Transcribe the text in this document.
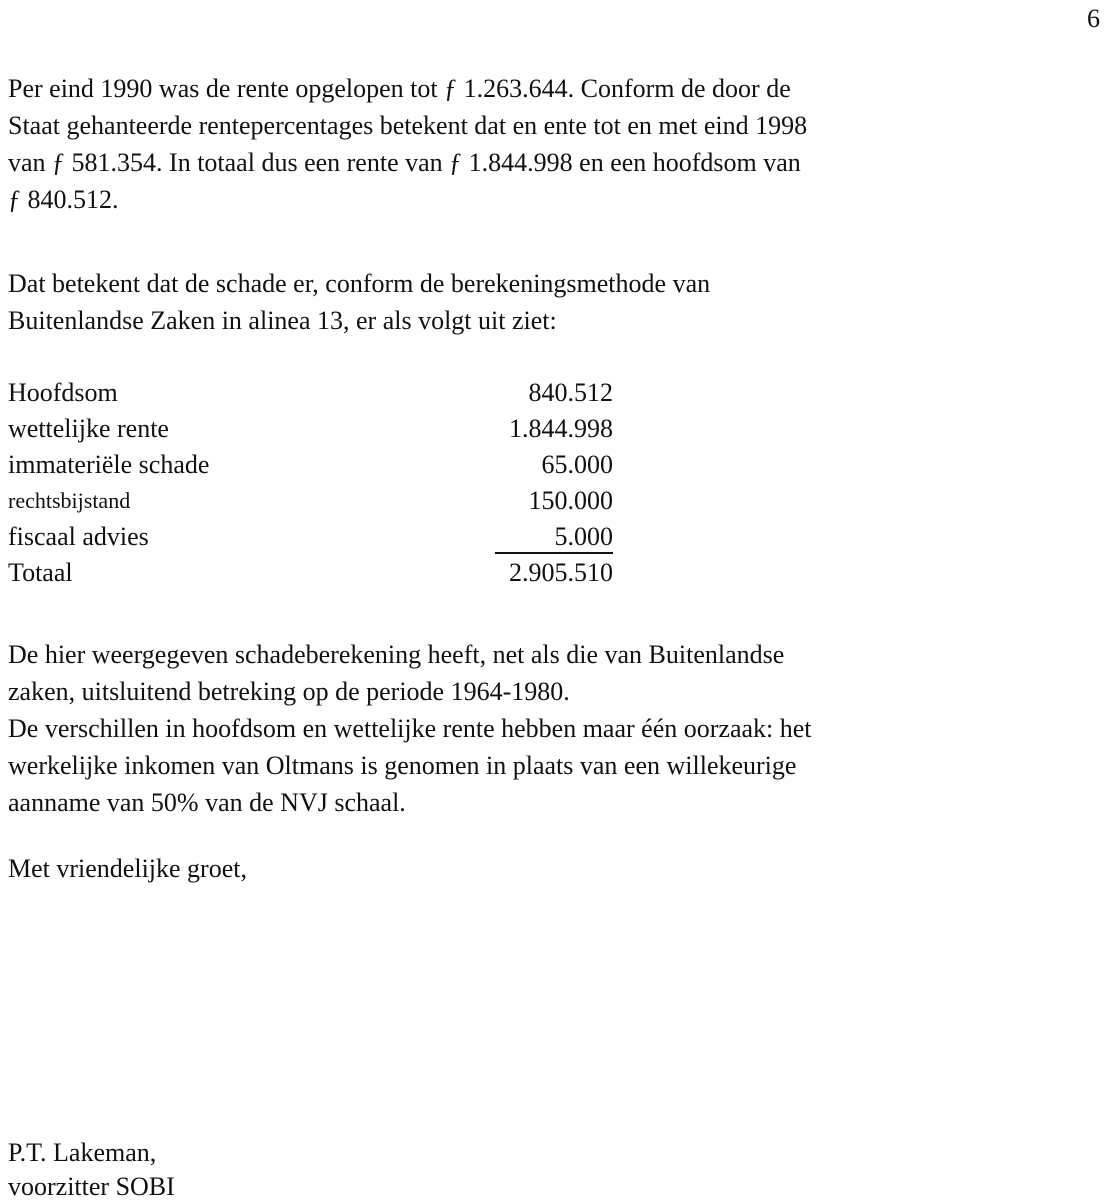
6

Per eind 1990 was de rente opgelopen tot ƒ 1.263.644. Conform de door de

Staat gehanteerde rentepercentages betekent dat en ente tot en met eind 1998

van ƒ 581.354. In totaal dus een rente van ƒ 1.844.998 en een hoofdsom van

ƒ 840.512.

Dat betekent dat de schade er, conform de berekeningsmethode van

Buitenlandse Zaken in alinea 13, er als volgt uit ziet:

Hoofdsom	840.512
wettelijke rente	1.844.998
immateriële schade	65.000
rechtsbijstand	150.000
fiscaal advies	5.000
Totaal	2.905.510

De hier weergegeven schadeberekening heeft, net als die van Buitenlandse

zaken, uitsluitend betreking op de periode 1964-1980.

De verschillen in hoofdsom en wettelijke rente hebben maar één oorzaak: het

werkelijke inkomen van Oltmans is genomen in plaats van een willekeurige

aanname van 50% van de NVJ schaal.

Met vriendelijke groet,

P.T. Lakeman,

voorzitter SOBI
